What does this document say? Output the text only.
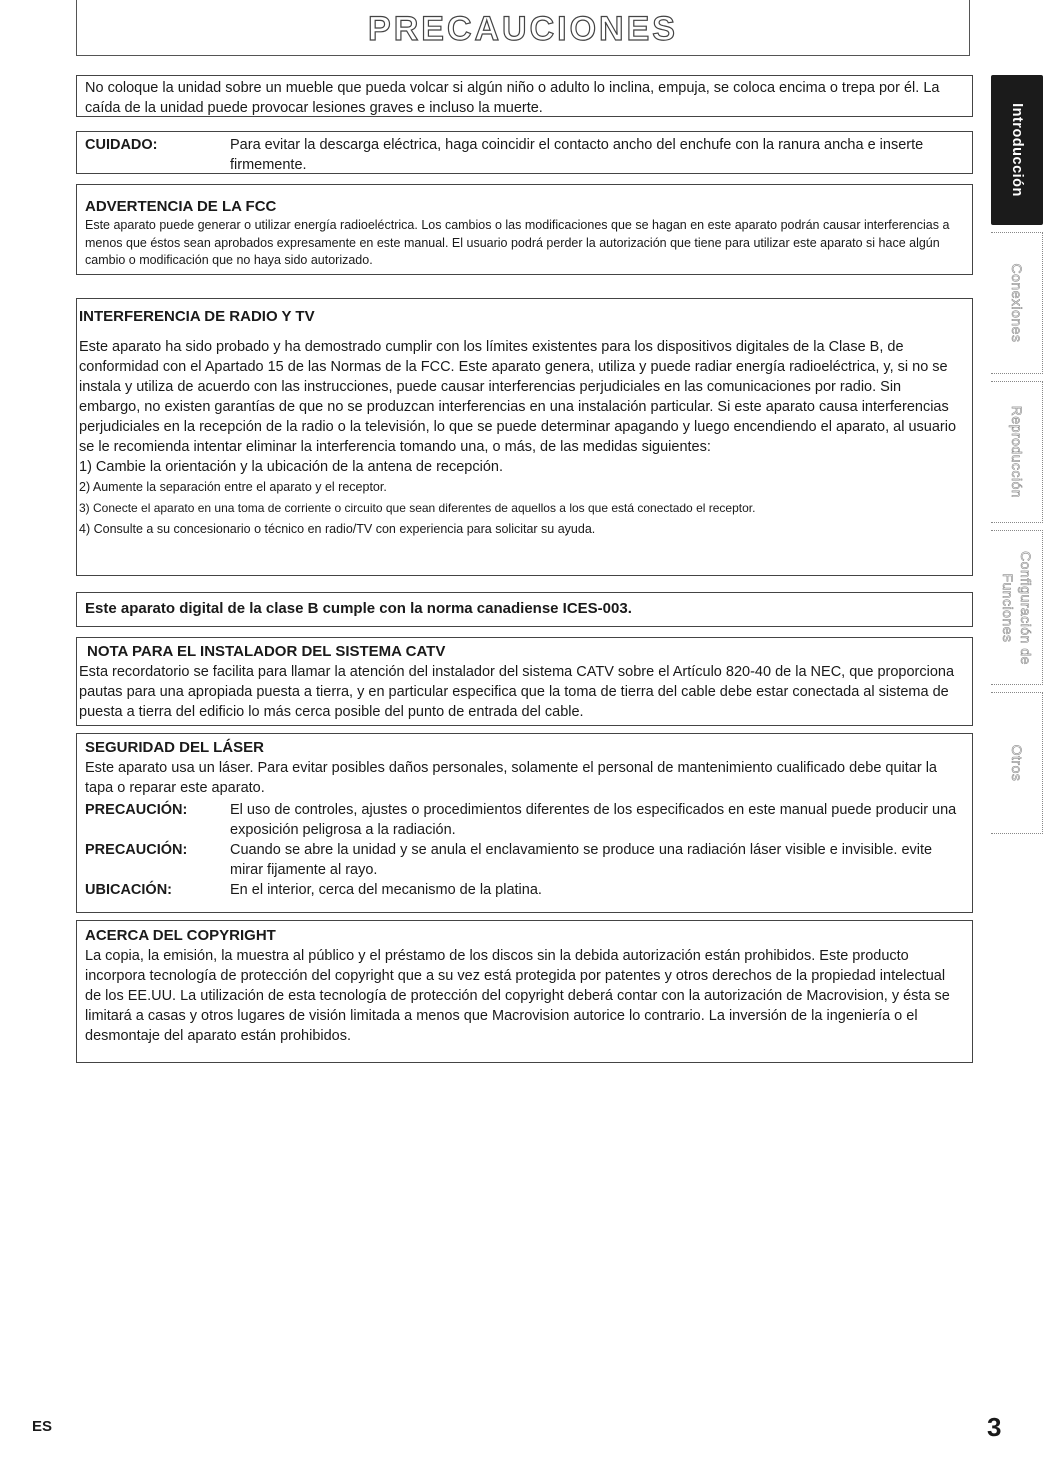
PRECAUCIONES
No coloque la unidad sobre un mueble que pueda volcar si algún niño o adulto lo inclina, empuja, se coloca encima o trepa por él. La caída de la unidad puede provocar lesiones graves e incluso la muerte.
CUIDADO:	Para evitar la descarga eléctrica, haga coincidir el contacto ancho del enchufe con la ranura ancha e inserte firmemente.
ADVERTENCIA DE LA FCC
Este aparato puede generar o utilizar energía radioeléctrica. Los cambios o las modificaciones que se hagan en este aparato podrán causar interferencias a menos que éstos sean aprobados expresamente en este manual. El usuario podrá perder la autorización que tiene para utilizar este aparato si hace algún cambio o modificación que no haya sido autorizado.
INTERFERENCIA DE RADIO Y TV
Este aparato ha sido probado y ha demostrado cumplir con los límites existentes para los dispositivos digitales de la Clase B, de conformidad con el Apartado 15 de las Normas de la FCC. Este aparato genera, utiliza y puede radiar energía radioeléctrica, y, si no se instala y utiliza de acuerdo con las instrucciones, puede causar interferencias perjudiciales en las comunicaciones por radio. Sin embargo, no existen garantías de que no se produzcan interferencias en una instalación particular. Si este aparato causa interferencias perjudiciales en la recepción de la radio o la televisión, lo que se puede determinar apagando y luego encendiendo el aparato, al usuario se le recomienda intentar eliminar la interferencia tomando una, o más, de las medidas siguientes:
1) Cambie la orientación y la ubicación de la antena de recepción.
2) Aumente la separación entre el aparato y el receptor.
3) Conecte el aparato en una toma de corriente o circuito que sean diferentes de aquellos a los que está conectado el receptor.
4) Consulte a su concesionario o técnico en radio/TV con experiencia para solicitar su ayuda.
Este aparato digital de la clase B cumple con la norma canadiense ICES-003.
NOTA PARA EL INSTALADOR DEL SISTEMA CATV
Esta recordatorio se facilita para llamar la atención del instalador del sistema CATV sobre el Artículo 820-40 de la NEC, que proporciona pautas para una apropiada puesta a tierra, y en particular especifica que la toma de tierra del cable debe estar conectada al sistema de puesta a tierra del edificio lo más cerca posible del punto de entrada del cable.
SEGURIDAD DEL LÁSER
Este aparato usa un láser. Para evitar posibles daños personales, solamente el personal de mantenimiento cualificado debe quitar la tapa o reparar este aparato.
PRECAUCIÓN:	El uso de controles, ajustes o procedimientos diferentes de los especificados en este manual puede producir una exposición peligrosa a la radiación.
PRECAUCIÓN:	Cuando se abre la unidad y se anula el enclavamiento se produce una radiación láser visible e invisible. evite mirar fijamente al rayo.
UBICACIÓN:	En el interior, cerca del mecanismo de la platina.
ACERCA DEL COPYRIGHT
La copia, la emisión, la muestra al público y el préstamo de los discos sin la debida autorización están prohibidos. Este producto incorpora tecnología de protección del copyright que a su vez está protegida por patentes y otros derechos de la propiedad intelectual de los EE.UU. La utilización de esta tecnología de protección del copyright deberá contar con la autorización de Macrovision, y ésta se limitará a casas y otros lugares de visión limitada a menos que Macrovision autorice lo contrario. La inversión de la ingeniería o el desmontaje del aparato están prohibidos.
Introducción
Conexiones
Reproducción
Configuración de
Funciones
Otros
ES	3
